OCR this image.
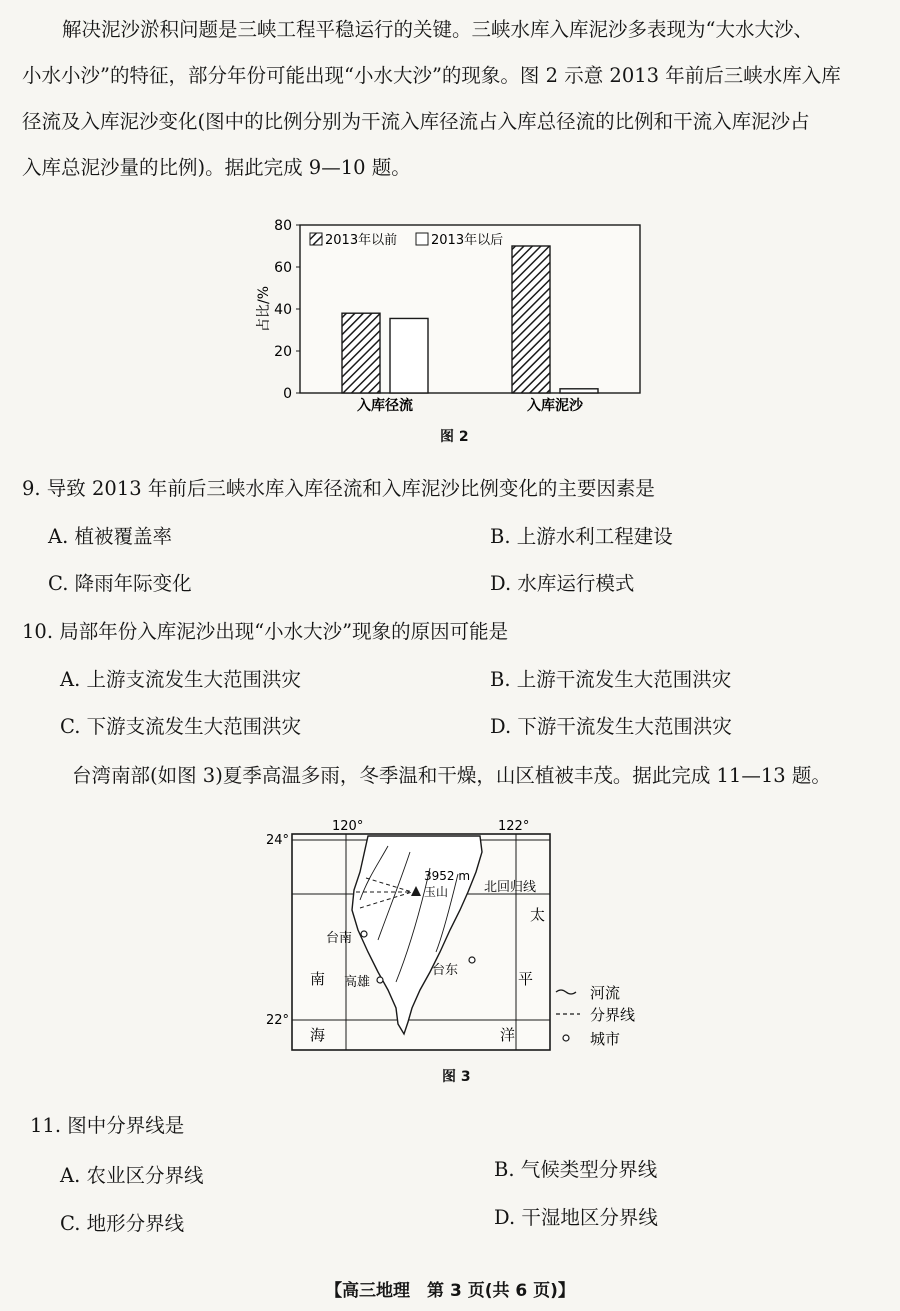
解决泥沙淤积问题是三峡工程平稳运行的关键。三峡水库入库泥沙多表现为“大水大沙、
小水小沙”的特征，部分年份可能出现“小水大沙”的现象。图 2 示意 2013 年前后三峡水库入库
径流及入库泥沙变化(图中的比例分别为干流入库径流占入库总径流的比例和干流入库泥沙占
入库总泥沙量的比例)。据此完成 9—10 题。
0
20
40
60
80
占比/%
入库径流	入库泥沙
2013年以前	2013年以后
图 2
9. 导致 2013 年前后三峡水库入库径流和入库泥沙比例变化的主要因素是
A. 植被覆盖率	B. 上游水利工程建设
C. 降雨年际变化	D. 水库运行模式
10. 局部年份入库泥沙出现“小水大沙”现象的原因可能是
A. 上游支流发生大范围洪灾	B. 上游干流发生大范围洪灾
C. 下游支流发生大范围洪灾	D. 下游干流发生大范围洪灾
台湾南部(如图 3)夏季高温多雨，冬季温和干燥，山区植被丰茂。据此完成 11—13 题。
120°	122°
24°
22°
3952 m
玉山	北回归线
台南
高雄
台东
南
海
太
平
洋
河流
分界线
城市
图 3
11. 图中分界线是
A. 农业区分界线	B. 气候类型分界线
C. 地形分界线	D. 干湿地区分界线
【高三地理　第 3 页(共 6 页)】
